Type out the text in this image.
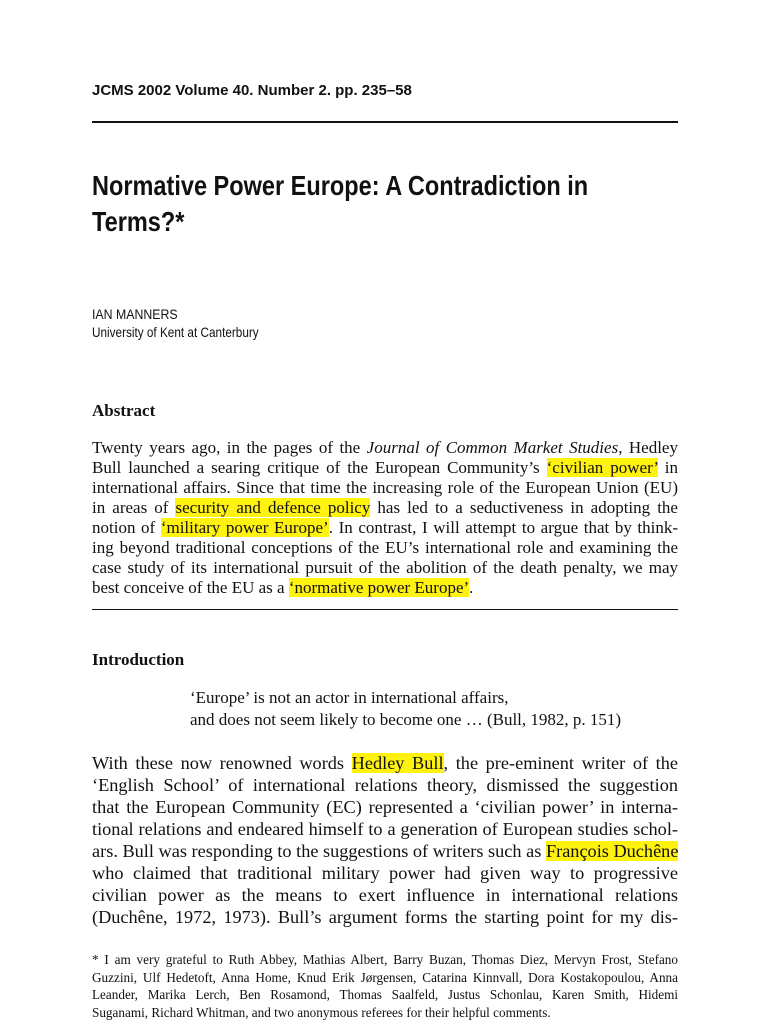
JCMS 2002 Volume 40. Number 2. pp. 235–58
Normative Power Europe: A Contradiction in
Terms?*
IAN MANNERS
University of Kent at Canterbury
Abstract
Twenty years ago, in the pages of the Journal of Common Market Studies, Hedley
Bull launched a searing critique of the European Community’s ‘civilian power’ in
international affairs. Since that time the increasing role of the European Union (EU)
in areas of security and defence policy has led to a seductiveness in adopting the
notion of ‘military power Europe’. In contrast, I will attempt to argue that by think-
ing beyond traditional conceptions of the EU’s international role and examining the
case study of its international pursuit of the abolition of the death penalty, we may
best conceive of the EU as a ‘normative power Europe’.
Introduction
‘Europe’ is not an actor in international affairs,
and does not seem likely to become one … (Bull, 1982, p. 151)
With these now renowned words Hedley Bull, the pre-eminent writer of the
‘English School’ of international relations theory, dismissed the suggestion
that the European Community (EC) represented a ‘civilian power’ in interna-
tional relations and endeared himself to a generation of European studies schol-
ars. Bull was responding to the suggestions of writers such as François Duchêne
who claimed that traditional military power had given way to progressive
civilian power as the means to exert influence in international relations
(Duchêne, 1972, 1973). Bull’s argument forms the starting point for my dis-
* I am very grateful to Ruth Abbey, Mathias Albert, Barry Buzan, Thomas Diez, Mervyn Frost, Stefano
Guzzini, Ulf Hedetoft, Anna Home, Knud Erik Jørgensen, Catarina Kinnvall, Dora Kostakopoulou, Anna
Leander, Marika Lerch, Ben Rosamond, Thomas Saalfeld, Justus Schonlau, Karen Smith, Hidemi
Suganami, Richard Whitman, and two anonymous referees for their helpful comments.
